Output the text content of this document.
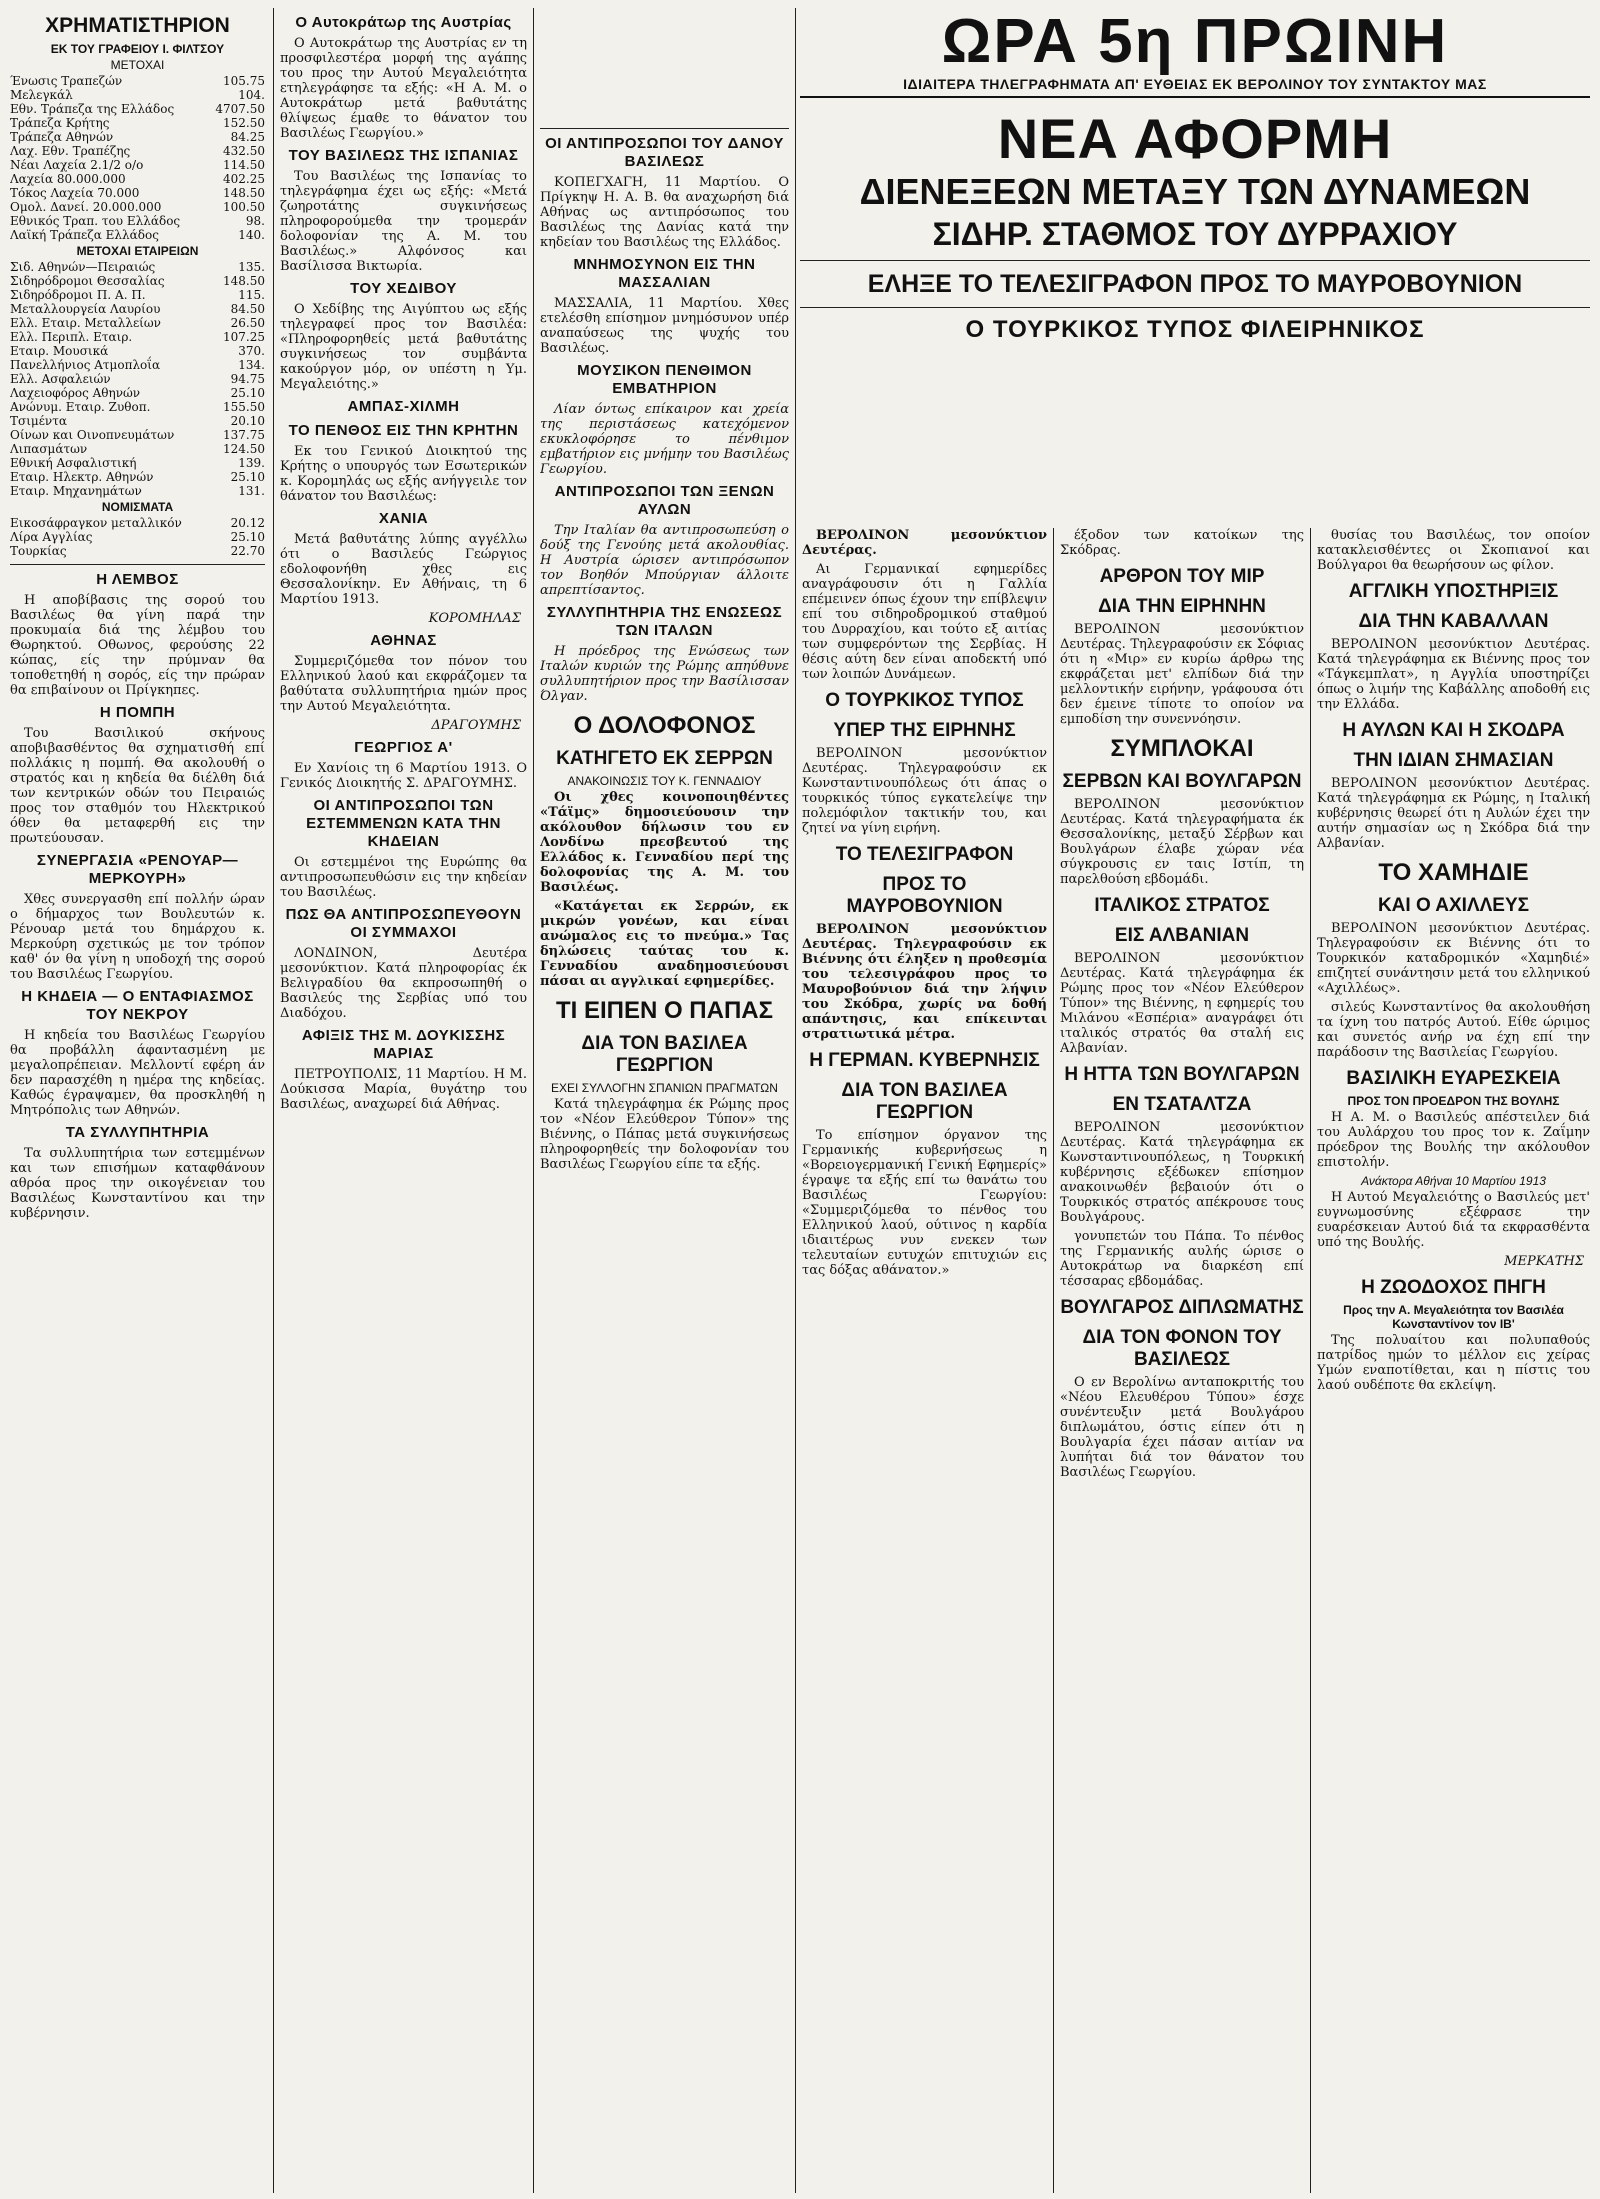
ΧΡΗΜΑΤΙΣΤΗΡΙΟΝ
ΕΚ ΤΟΥ ΓΡΑΦΕΙΟΥ Ι. ΦΙΛΤΣΟΥ
ΜΕΤΟΧΑΙ
Ένωσις Τραπεζών	105.75
Μελεγκάλ	104.
Εθν. Τράπεζα της Ελλάδος	4707.50
Τράπεζα Κρήτης	152.50
Τράπεζα Αθηνών	84.25
Λαχ. Εθν. Τραπέζης	432.50
Νέαι Λαχεία 2.1/2 ο/ο	114.50
Λαχεία 80.000.000	402.25
Τόκος Λαχεία 70.000	148.50
Ομολ. Δανεί. 20.000.000	100.50
Εθνικός Τραπ. του Ελλάδος	98.
Λαϊκή Τράπεζα Ελλάδος	140.
ΜΕΤΟΧΑΙ ΕΤΑΙΡΕΙΩΝ
Σιδ. Αθηνών—Πειραιώς	135.
Σιδηρόδρομοι Θεσσαλίας	148.50
Σιδηρόδρομοι Π. Α. Π.	115.
Μεταλλουργεία Λαυρίου	84.50
Ελλ. Εταιρ. Μεταλλείων	26.50
Ελλ. Περιπλ. Εταιρ.	107.25
Εταιρ. Μουσικά	370.
Πανελλήνιος Ατμοπλοΐα	134.
Ελλ. Ασφαλειών	94.75
Λαχειοφόρος Αθηνών	25.10
Ανώνυμ. Εταιρ. Ζυθοπ.	155.50
Τσιμέντα	20.10
Οίνων και Οινοπνευμάτων	137.75
Λιπασμάτων	124.50
Εθνική Ασφαλιστική	139.
Εταιρ. Ηλεκτρ. Αθηνών	25.10
Εταιρ. Μηχανημάτων	131.
ΝΟΜΙΣΜΑΤΑ
Εικοσάφραγκον μεταλλικόν	20.12
Λίρα Αγγλίας	25.10
Τουρκίας	22.70
Η ΛΕΜΒΟΣ

Η αποβίβασις της σορού του Βασιλέως θα γίνη παρά την προκυμαία διά της λέμβου του Θωρηκτού. Οθωνος, φερούσης 22 κώπας, είς την πρύμναν θα τοποθετηθή η σορός, είς την πρώραν θα επιβαίνουν οι Πρίγκηπες.

Η ΠΟΜΠΗ

Του Βασιλικού σκήνους αποβιβασθέντος θα σχηματισθή επί πολλάκις η πομπή. Θα ακολουθή ο στρατός και η κηδεία θα διέλθη διά των κεντρικών οδών του Πειραιώς προς τον σταθμόν του Ηλεκτρικού όθεν θα μεταφερθή εις την πρωτεύουσαν.

ΣΥΝΕΡΓΑΣΙΑ «ΡΕΝΟΥΑΡ—ΜΕΡΚΟΥΡΗ»

Χθες συνεργασθη επί πολλήν ώραν ο δήμαρχος των Βουλευτών κ. Ρένουαρ μετά του δημάρχου κ. Μερκούρη σχετικώς με τον τρόπον καθ' όν θα γίνη η υποδοχή της σορού του Βασιλέως Γεωργίου.

Η ΚΗΔΕΙΑ — Ο ΕΝΤΑΦΙΑΣΜΟΣ ΤΟΥ ΝΕΚΡΟΥ

Η κηδεία του Βασιλέως Γεωργίου θα προβάλλη άφαντασμένη με μεγαλοπρέπειαν. Μελλοντί εφέρη άν δεν παρασχέθη η ημέρα της κηδείας. Καθώς έγραψαμεν, θα προσκληθή η Μητρόπολις των Αθηνών.

ΤΑ ΣΥΛΛΥΠΗΤΗΡΙΑ

Τα συλλυπητήρια των εστεμμένων και των επισήμων καταφθάνουν αθρόα προς την οικογένειαν του Βασιλέως Κωνσταντίνου και την κυβέρνησιν.

Ο Αυτοκράτωρ της Αυστρίας

Ο Αυτοκράτωρ της Αυστρίας εν τη προσφιλεστέρα μορφή της αγάπης του προς την Αυτού Μεγαλειότητα ετηλεγράφησε τα εξής: «Η Α. Μ. ο Αυτοκράτωρ μετά βαθυτάτης θλίψεως έμαθε το θάνατον του Βασιλέως Γεωργίου.»

ΤΟΥ ΒΑΣΙΛΕΩΣ ΤΗΣ ΙΣΠΑΝΙΑΣ

Του Βασιλέως της Ισπανίας το τηλεγράφημα έχει ως εξής: «Μετά ζωηροτάτης συγκινήσεως πληροφορούμεθα την τρομεράν δολοφονίαν της Α. Μ. του Βασιλέως.» Αλφόνσος και Βασίλισσα Βικτωρία.

ΤΟΥ ΧΕΔΙΒΟΥ

Ο Χεδίβης της Αιγύπτου ως εξής τηλεγραφεί προς τον Βασιλέα: «Πληροφορηθείς μετά βαθυτάτης συγκινήσεως τον συμβάντα κακούργον μόρ, ον υπέστη η Υμ. Μεγαλειότης.»

ΑΜΠΑΣ-ΧΙΛΜΗ
ΤΟ ΠΕΝΘΟΣ ΕΙΣ ΤΗΝ ΚΡΗΤΗΝ

Εκ του Γενικού Διοικητού της Κρήτης ο υπουργός των Εσωτερικών κ. Κορομηλάς ως εξής ανήγγειλε τον θάνατον του Βασιλέως:

ΧΑΝΙΑ

Μετά βαθυτάτης λύπης αγγέλλω ότι ο Βασιλεύς Γεώργιος εδολοφονήθη χθες εις Θεσσαλονίκην. Εν Αθήναις, τη 6 Μαρτίου 1913.

ΚΟΡΟΜΗΛΑΣ
ΑΘΗΝΑΣ

Συμμεριζόμεθα τον πόνον του Ελληνικού λαού και εκφράζομεν τα βαθύτατα συλλυπητήρια ημών προς την Αυτού Μεγαλειότητα.

ΔΡΑΓΟΥΜΗΣ
ΓΕΩΡΓΙΟΣ Α'

Εν Χανίοις τη 6 Μαρτίου 1913. Ο Γενικός Διοικητής Σ. ΔΡΑΓΟΥΜΗΣ.

ΟΙ ΑΝΤΙΠΡΟΣΩΠΟΙ ΤΩΝ ΕΣΤΕΜΜΕΝΩΝ ΚΑΤΑ ΤΗΝ ΚΗΔΕΙΑΝ

Οι εστεμμένοι της Ευρώπης θα αντιπροσωπευθώσιν εις την κηδείαν του Βασιλέως.

ΠΩΣ ΘΑ ΑΝΤΙΠΡΟΣΩΠΕΥΘΟΥΝ ΟΙ ΣΥΜΜΑΧΟΙ

ΛΟΝΔΙΝΟΝ, Δευτέρα μεσονύκτιον. Κατά πληροφορίας έκ Βελιγραδίου θα εκπροσωπηθή ο Βασιλεύς της Σερβίας υπό του Διαδόχου.

ΑΦΙΞΙΣ ΤΗΣ Μ. ΔΟΥΚΙΣΣΗΣ ΜΑΡΙΑΣ

ΠΕΤΡΟΥΠΟΛΙΣ, 11 Μαρτίου. Η Μ. Δούκισσα Μαρία, θυγάτηρ του Βασιλέως, αναχωρεί διά Αθήνας.

ΟΙ ΑΝΤΙΠΡΟΣΩΠΟΙ ΤΟΥ ΔΑΝΟΥ ΒΑΣΙΛΕΩΣ

ΚΟΠΕΓΧΑΓΗ, 11 Μαρτίου. Ο Πρίγκηψ Η. Α. Β. θα αναχωρήση διά Αθήνας ως αντιπρόσωπος του Βασιλέως της Δανίας κατά την κηδείαν του Βασιλέως της Ελλάδος.

ΜΝΗΜΟΣΥΝΟΝ ΕΙΣ ΤΗΝ ΜΑΣΣΑΛΙΑΝ

ΜΑΣΣΑΛΙΑ, 11 Μαρτίου. Χθες ετελέσθη επίσημον μνημόσυνον υπέρ αναπαύσεως της ψυχής του Βασιλέως.

ΜΟΥΣΙΚΟΝ ΠΕΝΘΙΜΟΝ ΕΜΒΑΤΗΡΙΟΝ

Λίαν όντως επίκαιρον και χρεία της περιστάσεως κατεχόμενον εκυκλοφόρησε το πένθιμον εμβατήριον εις μνήμην του Βασιλέως Γεωργίου.

ΑΝΤΙΠΡΟΣΩΠΟΙ ΤΩΝ ΞΕΝΩΝ ΑΥΛΩΝ

Την Ιταλίαν θα αντιπροσωπεύση ο δούξ της Γενούης μετά ακολουθίας. Η Αυστρία ώρισεν αντιπρόσωπον τον Βοηθόν Μπούργιαν άλλοιτε απρεπτίσαντος.

ΣΥΛΛΥΠΗΤΗΡΙΑ ΤΗΣ ΕΝΩΣΕΩΣ ΤΩΝ ΙΤΑΛΩΝ

Η πρόεδρος της Ενώσεως των Ιταλών κυριών της Ρώμης απηύθυνε συλλυπητήριον προς την Βασίλισσαν Όλγαν.

Ο ΔΟΛΟΦΟΝΟΣ
ΚΑΤΗΓΕΤΟ ΕΚ ΣΕΡΡΩΝ
ΑΝΑΚΟΙΝΩΣΙΣ ΤΟΥ Κ. ΓΕΝΝΑΔΙΟΥ

Οι χθες κοινοποιηθέντες «Τάϊμς» δημοσιεύουσιν την ακόλουθον δήλωσιν του εν Λονδίνω πρεσβευτού της Ελλάδος κ. Γενναδίου περί της δολοφονίας της Α. Μ. του Βασιλέως.

«Κατάγεται εκ Σερρών, εκ μικρών γονέων, και είναι ανώμαλος εις το πνεύμα.» Τας δηλώσεις ταύτας του κ. Γενναδίου αναδημοσιεύουσι πάσαι αι αγγλικαί εφημερίδες.

ΤΙ ΕΙΠΕΝ Ο ΠΑΠΑΣ
ΔΙΑ ΤΟΝ ΒΑΣΙΛΕΑ ΓΕΩΡΓΙΟΝ
ΕΧΕΙ ΣΥΛΛΟΓΗΝ ΣΠΑΝΙΩΝ ΠΡΑΓΜΑΤΩΝ

Κατά τηλεγράφημα έκ Ρώμης προς τον «Νέον Ελεύθερον Τύπον» της Βιέννης, ο Πάπας μετά συγκινήσεως πληροφορηθείς την δολοφονίαν του Βασιλέως Γεωργίου είπε τα εξής.

ΩΡΑ 5η ΠΡΩΙΝΗ
ΙΔΙΑΙΤΕΡΑ ΤΗΛΕΓΡΑΦΗΜΑΤΑ ΑΠ' ΕΥΘΕΙΑΣ ΕΚ ΒΕΡΟΛΙΝΟΥ ΤΟΥ ΣΥΝΤΑΚΤΟΥ ΜΑΣ
ΝΕΑ ΑΦΟΡΜΗ
ΔΙΕΝΕΞΕΩΝ ΜΕΤΑΞΥ ΤΩΝ ΔΥΝΑΜΕΩΝ
ΣΙΔΗΡ. ΣΤΑΘΜΟΣ ΤΟΥ ΔΥΡΡΑΧΙΟΥ
ΕΛΗΞΕ ΤΟ ΤΕΛΕΣΙΓΡΑΦΟΝ ΠΡΟΣ ΤΟ ΜΑΥΡΟΒΟΥΝΙΟΝ
Ο ΤΟΥΡΚΙΚΟΣ ΤΥΠΟΣ ΦΙΛΕΙΡΗΝΙΚΟΣ

ΒΕΡΟΛΙΝΟΝ μεσονύκτιον Δευτέρας.

Αι Γερμανικαί εφημερίδες αναγράφουσιν ότι η Γαλλία επέμεινεν όπως έχουν την επίβλεψιν επί του σιδηροδρομικού σταθμού του Δυρραχίου, και τούτο εξ αιτίας των συμφερόντων της Σερβίας. Η θέσις αύτη δεν είναι αποδεκτή υπό των λοιπών Δυνάμεων.

Ο ΤΟΥΡΚΙΚΟΣ ΤΥΠΟΣ
ΥΠΕΡ ΤΗΣ ΕΙΡΗΝΗΣ

ΒΕΡΟΛΙΝΟΝ μεσονύκτιον Δευτέρας. Τηλεγραφούσιν εκ Κωνσταντινουπόλεως ότι άπας ο τουρκικός τύπος εγκατελείψε την πολεμόφιλον τακτικήν του, και ζητεί να γίνη ειρήνη.

ΤΟ ΤΕΛΕΣΙΓΡΑΦΟΝ
ΠΡΟΣ ΤΟ ΜΑΥΡΟΒΟΥΝΙΟΝ

ΒΕΡΟΛΙΝΟΝ μεσονύκτιον Δευτέρας. Τηλεγραφούσιν εκ Βιέννης ότι έληξεν η προθεσμία του τελεσιγράφου προς το Μαυροβούνιον διά την λήψιν του Σκόδρα, χωρίς να δοθή απάντησις, και επίκεινται στρατιωτικά μέτρα.

Η ΓΕΡΜΑΝ. ΚΥΒΕΡΝΗΣΙΣ
ΔΙΑ ΤΟΝ ΒΑΣΙΛΕΑ ΓΕΩΡΓΙΟΝ

Το επίσημον όργανον της Γερμανικής κυβερνήσεως η «Βορειογερμανική Γενική Εφημερίς» έγραψε τα εξής επί τω θανάτω του Βασιλέως Γεωργίου: «Συμμεριζόμεθα το πένθος του Ελληνικού λαού, ούτινος η καρδία ιδιαιτέρως νυν ενεκεν των τελευταίων ευτυχών επιτυχιών εις τας δόξας αθάνατον.»

έξοδον των κατοίκων της Σκόδρας.

ΑΡΘΡΟΝ ΤΟΥ ΜΙΡ
ΔΙΑ ΤΗΝ ΕΙΡΗΝΗΝ

ΒΕΡΟΛΙΝΟΝ μεσονύκτιον Δευτέρας. Τηλεγραφούσιν εκ Σόφιας ότι η «Μιρ» εν κυρίω άρθρω της εκφράζεται μετ' ελπίδων διά την μελλοντικήν ειρήνην, γράφουσα ότι δεν έμεινε τίποτε το οποίον να εμποδίση την συνεννόησιν.

ΣΥΜΠΛΟΚΑΙ
ΣΕΡΒΩΝ ΚΑΙ ΒΟΥΛΓΑΡΩΝ

ΒΕΡΟΛΙΝΟΝ μεσονύκτιον Δευτέρας. Κατά τηλεγραφήματα έκ Θεσσαλονίκης, μεταξύ Σέρβων και Βουλγάρων έλαβε χώραν νέα σύγκρουσις εν ταις Ιστίπ, τη παρελθούση εβδομάδι.

ΙΤΑΛΙΚΟΣ ΣΤΡΑΤΟΣ
ΕΙΣ ΑΛΒΑΝΙΑΝ

ΒΕΡΟΛΙΝΟΝ μεσονύκτιον Δευτέρας. Κατά τηλεγράφημα έκ Ρώμης προς τον «Νέον Ελεύθερον Τύπον» της Βιέννης, η εφημερίς του Μιλάνου «Εσπέρια» αναγράφει ότι ιταλικός στρατός θα σταλή εις Αλβανίαν.

Η ΗΤΤΑ ΤΩΝ ΒΟΥΛΓΑΡΩΝ
ΕΝ ΤΣΑΤΑΛΤΖΑ

ΒΕΡΟΛΙΝΟΝ μεσονύκτιον Δευτέρας. Κατά τηλεγράφημα εκ Κωνσταντινουπόλεως, η Τουρκική κυβέρνησις εξέδωκεν επίσημον ανακοινωθέν βεβαιούν ότι ο Τουρκικός στρατός απέκρουσε τους Βουλγάρους.

γονυπετών του Πάπα. Το πένθος της Γερμανικής αυλής ώρισε ο Αυτοκράτωρ να διαρκέση επί τέσσαρας εβδομάδας.

ΒΟΥΛΓΑΡΟΣ ΔΙΠΛΩΜΑΤΗΣ
ΔΙΑ ΤΟΝ ΦΟΝΟΝ ΤΟΥ ΒΑΣΙΛΕΩΣ

Ο εν Βερολίνω ανταποκριτής του «Νέου Ελευθέρου Τύπου» έσχε συνέντευξιν μετά Βουλγάρου διπλωμάτου, όστις είπεν ότι η Βουλγαρία έχει πάσαν αιτίαν να λυπήται διά τον θάνατον του Βασιλέως Γεωργίου.

θυσίας του Βασιλέως, τον οποίον κατακλεισθέντες οι Σκοπιανοί και Βούλγαροι θα θεωρήσουν ως φίλον.

ΑΓΓΛΙΚΗ ΥΠΟΣΤΗΡΙΞΙΣ
ΔΙΑ ΤΗΝ ΚΑΒΑΛΛΑΝ

ΒΕΡΟΛΙΝΟΝ μεσονύκτιον Δευτέρας. Κατά τηλεγράφημα εκ Βιέννης προς τον «Τάγκεμπλατ», η Αγγλία υποστηρίζει όπως ο λιμήν της Καβάλλης αποδοθή εις την Ελλάδα.

Η ΑΥΛΩΝ ΚΑΙ Η ΣΚΟΔΡΑ
ΤΗΝ ΙΔΙΑΝ ΣΗΜΑΣΙΑΝ

ΒΕΡΟΛΙΝΟΝ μεσονύκτιον Δευτέρας. Κατά τηλεγράφημα εκ Ρώμης, η Ιταλική κυβέρνησις θεωρεί ότι η Αυλών έχει την αυτήν σημασίαν ως η Σκόδρα διά την Αλβανίαν.

ΤΟ ΧΑΜΗΔΙΕ
ΚΑΙ Ο ΑΧΙΛΛΕΥΣ

ΒΕΡΟΛΙΝΟΝ μεσονύκτιον Δευτέρας. Τηλεγραφούσιν εκ Βιέννης ότι το Τουρκικόν καταδρομικόν «Χαμηδιέ» επιζητεί συνάντησιν μετά του ελληνικού «Αχιλλέως».

σιλεύς Κωνσταντίνος θα ακολουθήση τα ίχνη του πατρός Αυτού. Είθε ώριμος και συνετός ανήρ να έχη επί την παράδοσιν της Βασιλείας Γεωργίου.

ΒΑΣΙΛΙΚΗ ΕΥΑΡΕΣΚΕΙΑ
ΠΡΟΣ ΤΟΝ ΠΡΟΕΔΡΟΝ ΤΗΣ ΒΟΥΛΗΣ

Η Α. Μ. ο Βασιλεύς απέστειλεν διά του Αυλάρχου του προς τον κ. Ζαΐμην πρόεδρον της Βουλής την ακόλουθον επιστολήν.

Ανάκτορα Αθήναι 10 Μαρτίου 1913

Η Αυτού Μεγαλειότης ο Βασιλεύς μετ' ευγνωμοσύνης εξέφρασε την ευαρέσκειαν Αυτού διά τα εκφρασθέντα υπό της Βουλής.

ΜΕΡΚΑΤΗΣ
Η ΖΩΟΔΟΧΟΣ ΠΗΓΗ
Προς την Α. Μεγαλειότητα τον Βασιλέα Κωνσταντίνον τον ΙΒ'

Της πολυαίτου και πολυπαθούς πατρίδος ημών το μέλλον εις χείρας Υμών εναποτίθεται, και η πίστις του λαού ουδέποτε θα εκλείψη.
